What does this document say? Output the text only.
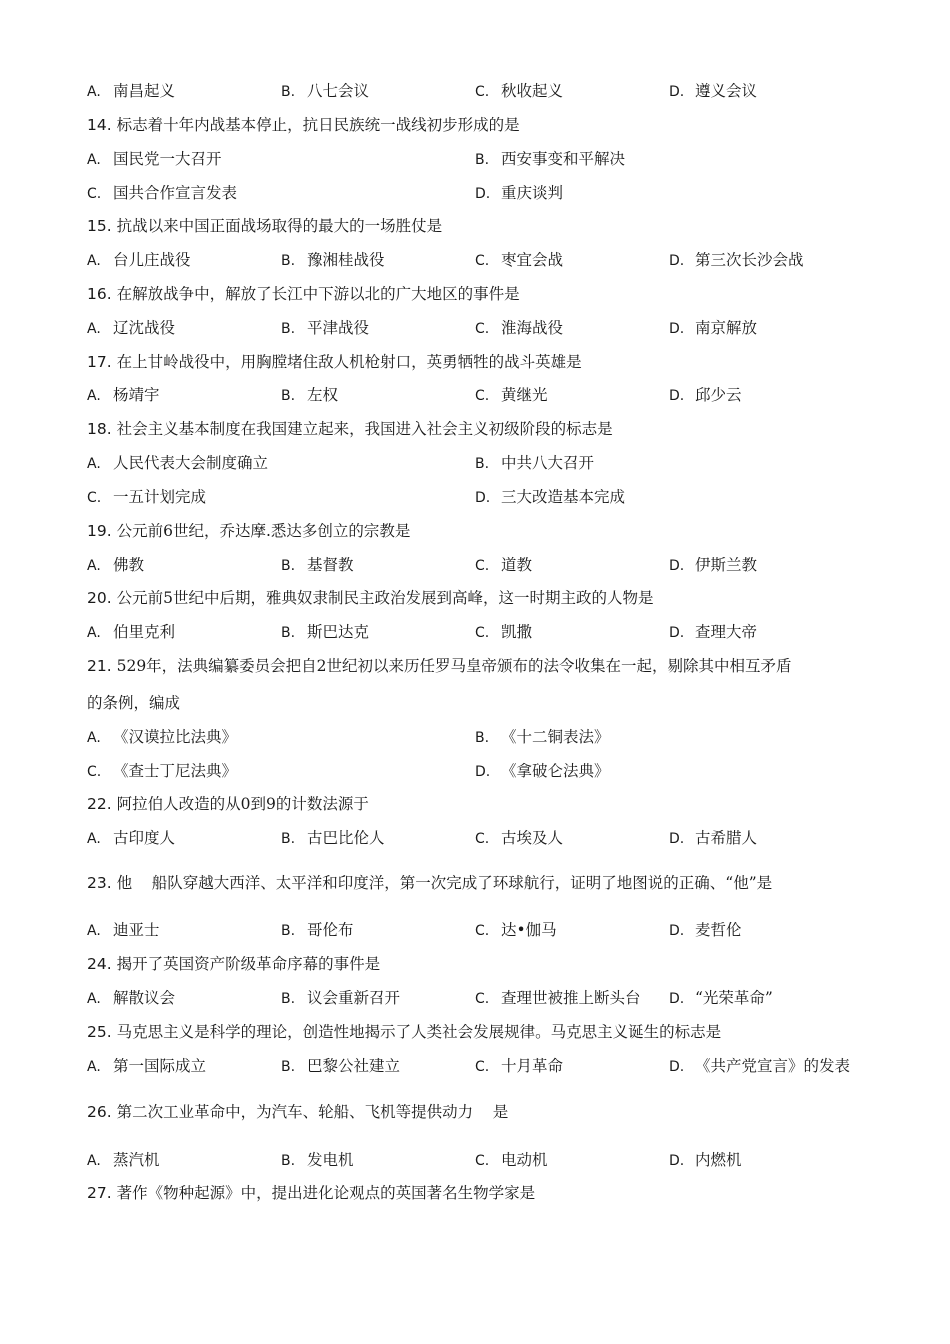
A. 南昌起义	B. 八七会议	C. 秋收起义	D. 遵义会议
14. 标志着十年内战基本停止，抗日民族统一战线初步形成的是
A. 国民党一大召开	B. 西安事变和平解决
C. 国共合作宣言发表	D. 重庆谈判
15. 抗战以来中国正面战场取得的最大的一场胜仗是
A. 台儿庄战役	B. 豫湘桂战役	C. 枣宜会战	D. 第三次长沙会战
16. 在解放战争中，解放了长江中下游以北的广大地区的事件是
A. 辽沈战役	B. 平津战役	C. 淮海战役	D. 南京解放
17. 在上甘岭战役中，用胸膛堵住敌人机枪射口，英勇牺牲的战斗英雄是
A. 杨靖宇	B. 左权	C. 黄继光	D. 邱少云
18. 社会主义基本制度在我国建立起来，我国进入社会主义初级阶段的标志是
A. 人民代表大会制度确立	B. 中共八大召开
C. 一五计划完成	D. 三大改造基本完成
19. 公元前6世纪，乔达摩.悉达多创立的宗教是
A. 佛教	B. 基督教	C. 道教	D. 伊斯兰教
20. 公元前5世纪中后期，雅典奴隶制民主政治发展到高峰，这一时期主政的人物是
A. 伯里克利	B. 斯巴达克	C. 凯撒	D. 查理大帝
21. 529年，法典编纂委员会把自2世纪初以来历任罗马皇帝颁布的法令收集在一起，剔除其中相互矛盾
的条例，编成
A. 《汉谟拉比法典》	B. 《十二铜表法》
C. 《查士丁尼法典》	D. 《拿破仑法典》
22. 阿拉伯人改造的从0到9的计数法源于
A. 古印度人	B. 古巴比伦人	C. 古埃及人	D. 古希腊人
23. 他    船队穿越大西洋、太平洋和印度洋，第一次完成了环球航行，证明了地图说的正确、“他”是
A. 迪亚士	B. 哥伦布	C. 达•伽马	D. 麦哲伦
24. 揭开了英国资产阶级革命序幕的事件是
A. 解散议会	B. 议会重新召开	C. 查理世被推上断头台 D. “光荣革命”
25. 马克思主义是科学的理论，创造性地揭示了人类社会发展规律。马克思主义诞生的标志是
A. 第一国际成立	B. 巴黎公社建立	C. 十月革命	D. 《共产党宣言》的发表
26. 第二次工业革命中，为汽车、轮船、飞机等提供动力    是
A. 蒸汽机	B. 发电机	C. 电动机	D. 内燃机
27. 著作《物种起源》中，提出进化论观点的英国著名生物学家是
